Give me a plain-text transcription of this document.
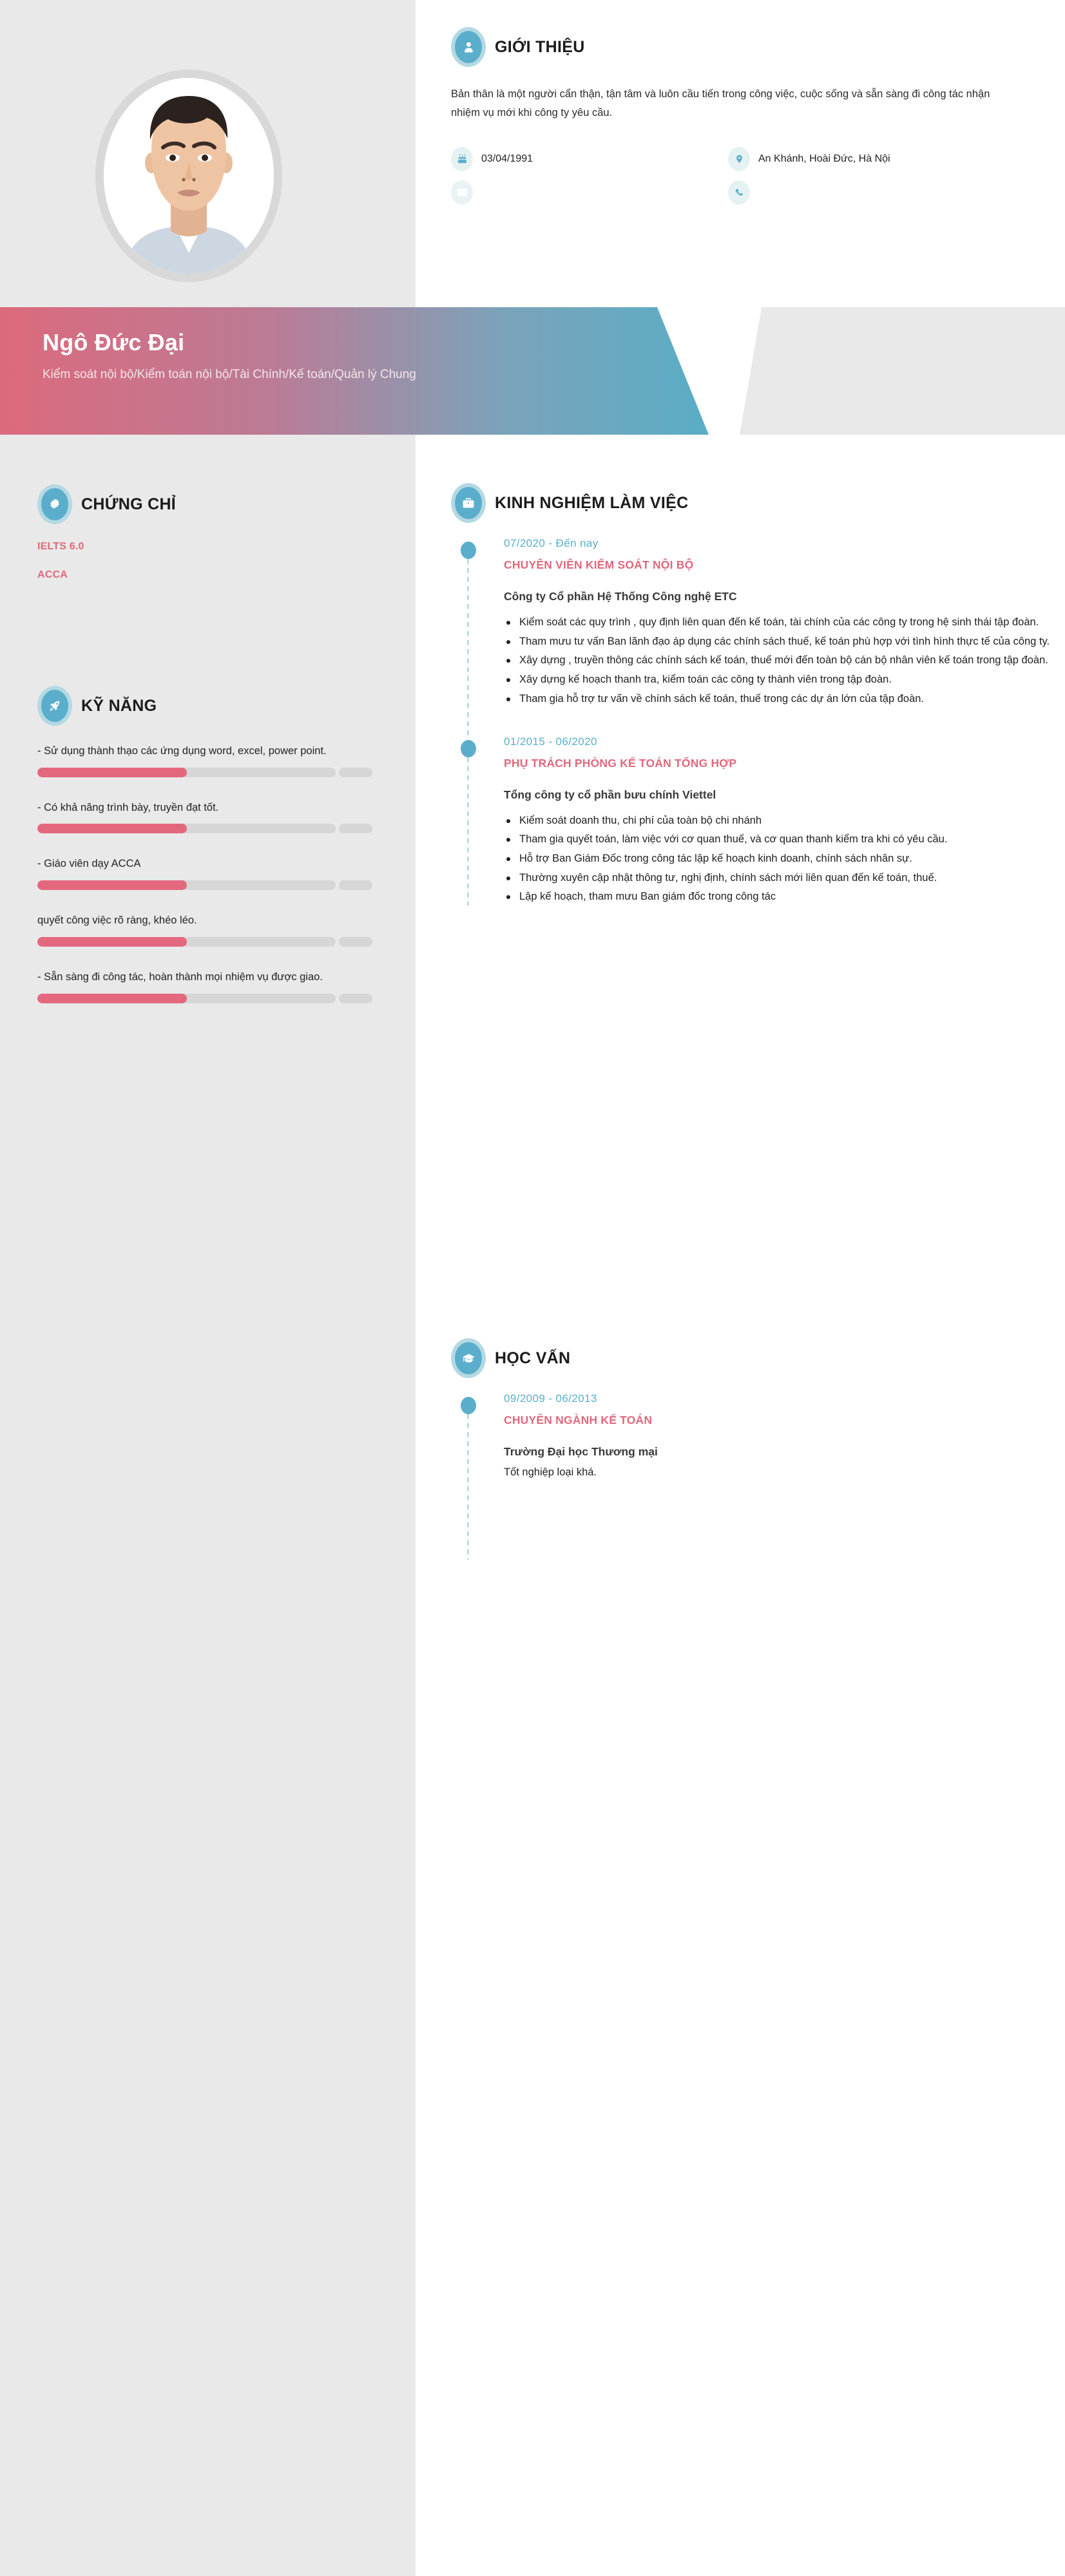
Ngô Đức Đại
Kiểm soát nội bộ/Kiểm toán nội bộ/Tài Chính/Kế toán/Quản lý Chung
GIỚI THIỆU
Bản thân là một người cẩn thận, tận tâm và luôn cầu tiến trong công việc, cuộc sống và sẵn sàng đi công tác nhận nhiệm vụ mới khi công ty yêu cầu.
03/04/1991	An Khánh, Hoài Đức, Hà Nội
CHỨNG CHỈ
IELTS 6.0
ACCA
KỸ NĂNG
- Sử dụng thành thạo các ứng dụng word, excel, power point.
- Có khả năng trình bày, truyền đạt tốt.
- Giáo viên dạy ACCA
quyết công việc rõ ràng, khéo léo.
- Sẵn sàng đi công tác, hoàn thành mọi nhiệm vụ được giao.
KINH NGHIỆM LÀM VIỆC
07/2020 - Đến nay
CHUYÊN VIÊN KIỂM SOÁT NỘI BỘ
Công ty Cổ phần Hệ Thống Công nghệ ETC
Kiểm soát các quy trình , quy định liên quan đến kế toán, tài chính của các công ty trong hệ sinh thái tập đoàn.
Tham mưu tư vấn Ban lãnh đạo áp dụng các chính sách thuế, kế toán phù hợp với tình hình thực tế của công ty.
Xây dựng , truyền thông các chính sách kế toán, thuế mới đến toàn bộ cán bộ nhân viên kế toán trong tập đoàn.
Xây dựng kế hoạch thanh tra, kiểm toán các công ty thành viên trong tập đoàn.
Tham gia hỗ trợ tư vấn về chính sách kế toán, thuế trong các dự án lớn của tập đoàn.
01/2015 - 06/2020
PHỤ TRÁCH PHÒNG KẾ TOÁN TỔNG HỢP
Tổng công ty cổ phần bưu chính Viettel
Kiểm soát doanh thu, chi phí của toàn bộ chi nhánh
Tham gia quyết toán, làm việc với cơ quan thuế, và cơ quan thanh kiểm tra khi có yêu cầu.
Hỗ trợ Ban Giám Đốc trong công tác lập kế hoạch kinh doanh, chính sách nhân sự.
Thường xuyên cập nhật thông tư, nghị định, chính sách mới liên quan đến kế toán, thuế.
Lập kế hoạch, tham mưu Ban giám đốc trong công tác
HỌC VẤN
09/2009 - 06/2013
CHUYÊN NGÀNH KẾ TOÁN
Trường Đại học Thương mại
Tốt nghiệp loại khá.
